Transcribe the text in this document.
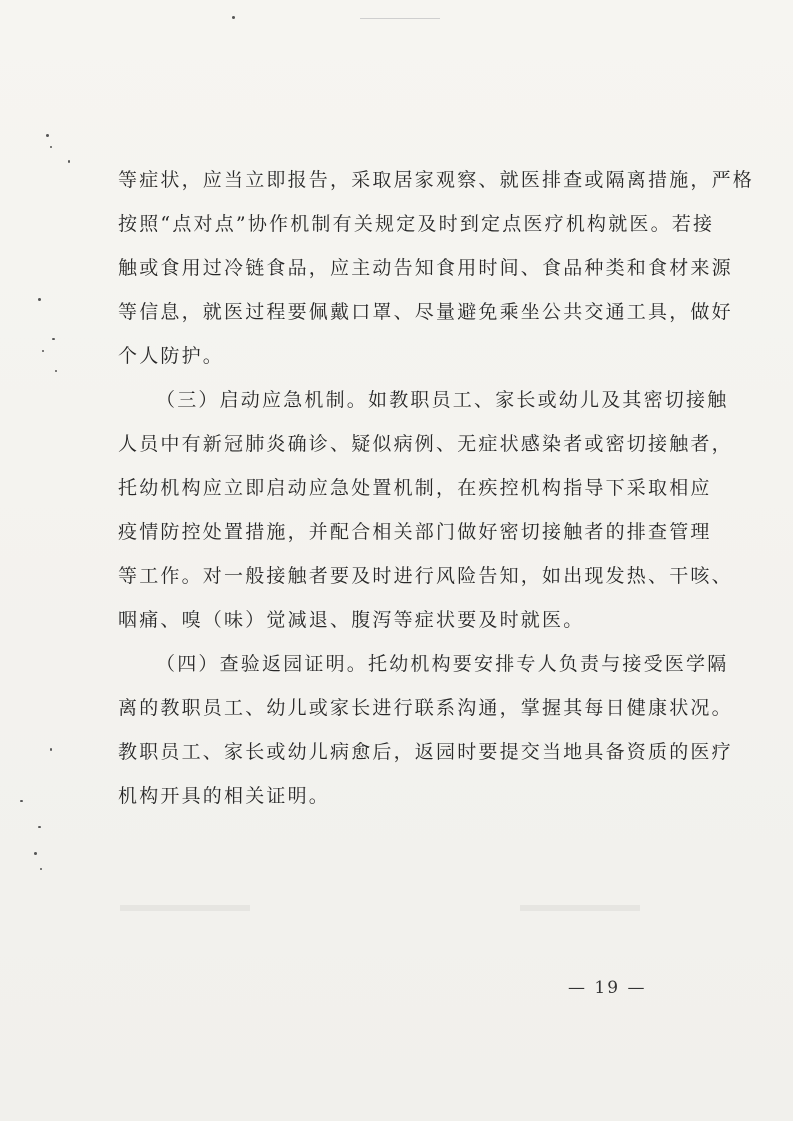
等症状，应当立即报告，采取居家观察、就医排查或隔离措施，严格
按照“点对点”协作机制有关规定及时到定点医疗机构就医。若接
触或食用过冷链食品，应主动告知食用时间、食品种类和食材来源
等信息，就医过程要佩戴口罩、尽量避免乘坐公共交通工具，做好
个人防护。
（三）启动应急机制。如教职员工、家长或幼儿及其密切接触
人员中有新冠肺炎确诊、疑似病例、无症状感染者或密切接触者，
托幼机构应立即启动应急处置机制，在疾控机构指导下采取相应
疫情防控处置措施，并配合相关部门做好密切接触者的排查管理
等工作。对一般接触者要及时进行风险告知，如出现发热、干咳、
咽痛、嗅（味）觉减退、腹泻等症状要及时就医。
（四）查验返园证明。托幼机构要安排专人负责与接受医学隔
离的教职员工、幼儿或家长进行联系沟通，掌握其每日健康状况。
教职员工、家长或幼儿病愈后，返园时要提交当地具备资质的医疗
机构开具的相关证明。
— 19 —
